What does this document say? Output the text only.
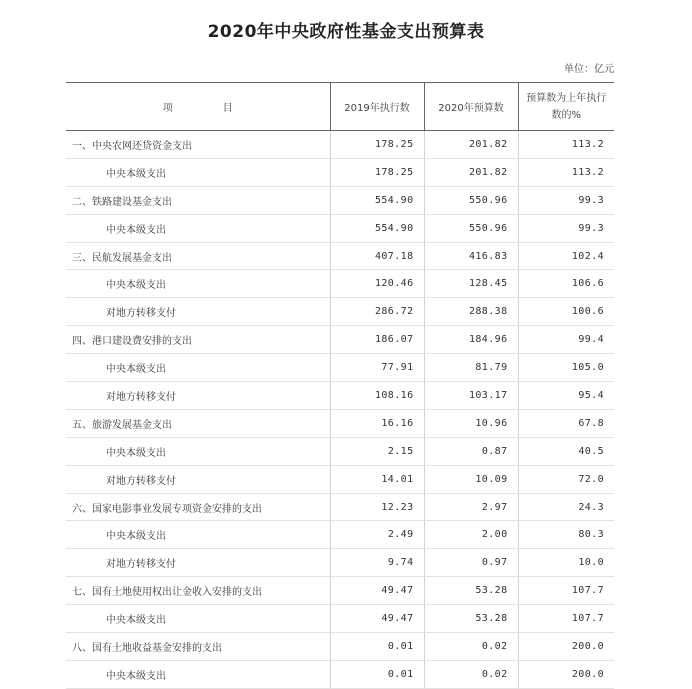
2020年中央政府性基金支出预算表
单位：亿元
项 目	2019年执行数	2020年预算数	预算数为上年执行
数的%

一、中央农网还贷资金支出	178.25	201.82	113.2
中央本级支出	178.25	201.82	113.2
二、铁路建设基金支出	554.90	550.96	99.3
中央本级支出	554.90	550.96	99.3
三、民航发展基金支出	407.18	416.83	102.4
中央本级支出	120.46	128.45	106.6
对地方转移支付	286.72	288.38	100.6
四、港口建设费安排的支出	186.07	184.96	99.4
中央本级支出	77.91	81.79	105.0
对地方转移支付	108.16	103.17	95.4
五、旅游发展基金支出	16.16	10.96	67.8
中央本级支出	2.15	0.87	40.5
对地方转移支付	14.01	10.09	72.0
六、国家电影事业发展专项资金安排的支出	12.23	2.97	24.3
中央本级支出	2.49	2.00	80.3
对地方转移支付	9.74	0.97	10.0
七、国有土地使用权出让金收入安排的支出	49.47	53.28	107.7
中央本级支出	49.47	53.28	107.7
八、国有土地收益基金安排的支出	0.01	0.02	200.0
中央本级支出	0.01	0.02	200.0
